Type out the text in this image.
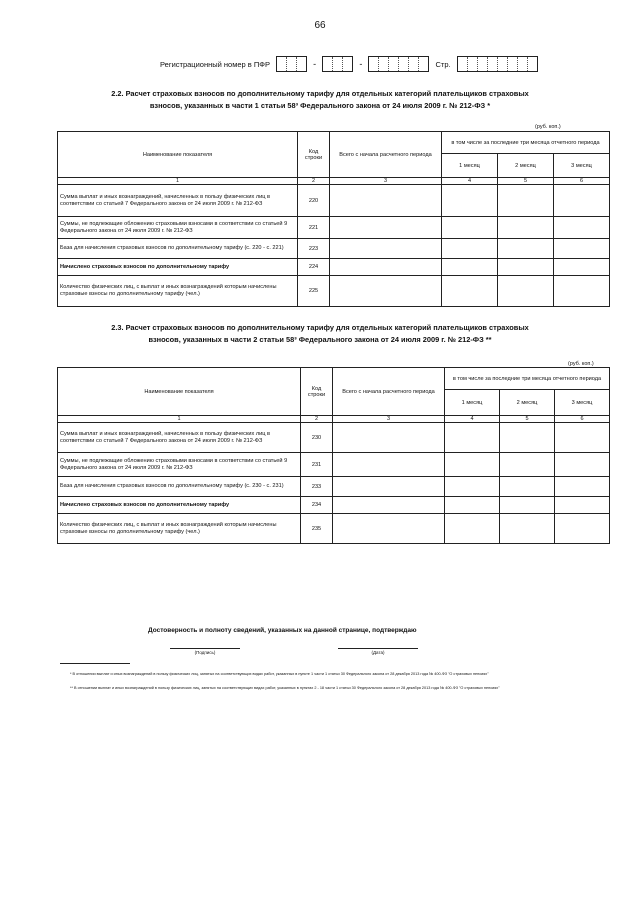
66
Регистрационный номер в ПФР	-	-	Стр.
2.2. Расчет страховых взносов по дополнительному тарифу для отдельных категорий плательщиков страховых
взносов, указанных в части 1 статьи 58³ Федерального закона от 24 июля 2009 г. № 212-ФЗ *
(руб. коп.)
Наименование показателя	Код строки	Всего с начала расчетного периода	в том числе за последние три месяца отчетного периода		
			1 месяц	2 месяц	3 месяц
1	2	3	4	5	6
Сумма выплат и иных вознаграждений, начисленных в пользу физических лиц в соответствии со статьей 7 Федерального закона от 24 июля 2009 г. № 212-ФЗ	220				
Суммы, не подлежащие обложению страховыми взносами в соответствии со статьей 9 Федерального закона от 24 июля 2009 г. № 212-ФЗ	221				
База для начисления страховых взносов по дополнительному тарифу (с. 220 - с. 221)	223				
Начислено страховых взносов по дополнительному тарифу	224				
Количество физических лиц, с выплат и иных вознаграждений которым начислены страховые взносы по дополнительному тарифу (чел.)	225				
2.3. Расчет страховых взносов по дополнительному тарифу для отдельных категорий плательщиков страховых
взносов, указанных в части 2 статьи 58³ Федерального закона от 24 июля 2009 г. № 212-ФЗ **
(руб. коп.)
Наименование показателя	Код строки	Всего с начала расчетного периода	в том числе за последние три месяца отчетного периода		
			1 месяц	2 месяц	3 месяц
1	2	3	4	5	6
Сумма выплат и иных вознаграждений, начисленных в пользу физических лиц в соответствии со статьей 7 Федерального закона от 24 июля 2009 г. № 212-ФЗ	230				
Суммы, не подлежащие обложению страховыми взносами в соответствии со статьей 9 Федерального закона от 24 июля 2009 г. № 212-ФЗ	231				
База для начисления страховых взносов по дополнительному тарифу (с. 230 - с. 231)	233				
Начислено страховых взносов по дополнительному тарифу	234				
Количество физических лиц, с выплат и иных вознаграждений которым начислены страховые взносы по дополнительному тарифу (чел.)	235				
Достоверность и полноту сведений, указанных на данной странице, подтверждаю
(Подпись)	(Дата)
* В отношении выплат и иных вознаграждений в пользу физических лиц, занятых на соответствующих видах работ, указанных в пункте 1 части 1 статьи 30 Федерального закона от 28 декабря 2013 года № 400-ФЗ "О страховых пенсиях"
** В отношении выплат и иных вознаграждений в пользу физических лиц, занятых на соответствующих видах работ, указанных в пунктах 2 - 18 части 1 статьи 30 Федерального закона от 28 декабря 2013 года № 400-ФЗ "О страховых пенсиях"
